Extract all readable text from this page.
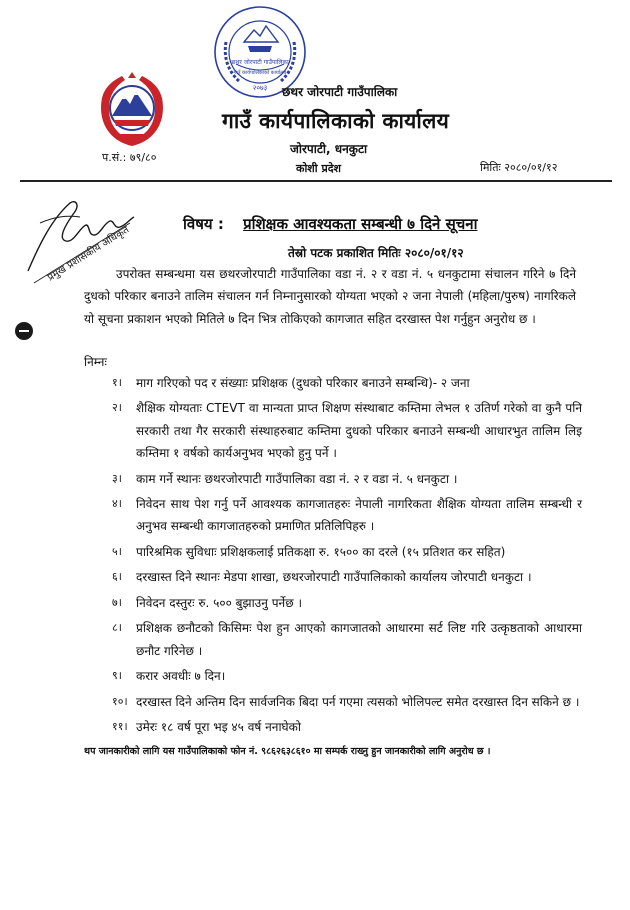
छथर जोरपाटी गाउँपालिका
गाउँ कार्यपालिकाको कार्यालय
२०७३ छथर जोरपाटी गाउँपालिका
गाउँ कार्यपालिकाको कार्यालय
प.सं.: ७९/८०
जोरपाटी, धनकुटा
कोशी प्रदेश	मितिः २०८०/०१/१२
प्रमुख प्रशासकीय अधिकृत
विषय : प्रशिक्षक आवश्यकता सम्बन्धी ७ दिने सूचना
तेस्रो पटक प्रकाशित मितिः २०८०/०१/१२
उपरोक्त सम्बन्धमा यस छथरजोरपाटी गाउँपालिका वडा नं. २ र वडा नं. ५ धनकुटामा संचालन गरिने ७ दिने दुधको परिकार बनाउने तालिम संचालन गर्न निम्नानुसारको योग्यता भएको २ जना नेपाली (महिला/पुरुष) नागरिकले यो सूचना प्रकाशन भएको मितिले ७ दिन भित्र तोकिएको कागजात सहित दरखास्त पेश गर्नुहुन अनुरोध छ ।
निम्नः
१।	माग गरिएको पद र संख्याः प्रशिक्षक (दुधको परिकार बनाउने सम्बन्धि)- २ जना
२।	शैक्षिक योग्यताः CTEVT वा मान्यता प्राप्त शिक्षण संस्थाबाट कम्तिमा लेभल १ उतिर्ण गरेको वा कुनै पनि सरकारी तथा गैर सरकारी संस्थाहरुबाट कम्तिमा दुधको परिकार बनाउने सम्बन्धी आधारभुत तालिम लिइ कम्तिमा १ वर्षको कार्यअनुभव भएको हुनु पर्ने ।
३।	काम गर्ने स्थानः छथरजोरपाटी गाउँपालिका वडा नं. २ र वडा नं. ५ धनकुटा ।
४।	निवेदन साथ पेश गर्नु पर्ने आवश्यक कागजातहरुः नेपाली नागरिकता शैक्षिक योग्यता तालिम सम्बन्धी र अनुभव सम्बन्धी कागजातहरुको प्रमाणित प्रतिलिपिहरु ।
५।	पारिश्रमिक सुविधाः प्रशिक्षकलाई प्रतिकक्षा रु. १५०० का दरले (१५ प्रतिशत कर सहित)
६।	दरखास्त दिने स्थानः मेडपा शाखा, छथरजोरपाटी गाउँपालिकाको कार्यालय जोरपाटी धनकुटा ।
७।	निवेदन दस्तुरः रु. ५०० बुझाउनु पर्नेछ ।
८।	प्रशिक्षक छनौटको किसिमः पेश हुन आएको कागजातको आधारमा सर्ट लिष्ट गरि उत्कृष्ठताको आधारमा छनौट गरिनेछ ।
९।	करार अवधीः ७ दिन।
१०। दरखास्त दिने अन्तिम दिन सार्वजनिक बिदा पर्न गएमा त्यसको भोलिपल्ट समेत दरखास्त दिन सकिने छ ।
११। उमेरः १८ वर्ष पूरा भइ ४५ वर्ष ननाघेको
थप जानकारीको लागि यस गाउँपालिकाको फोन नं. ९८६२६३८६१० मा सम्पर्क राख्नु हुन जानकारीको लागि अनुरोध छ ।
